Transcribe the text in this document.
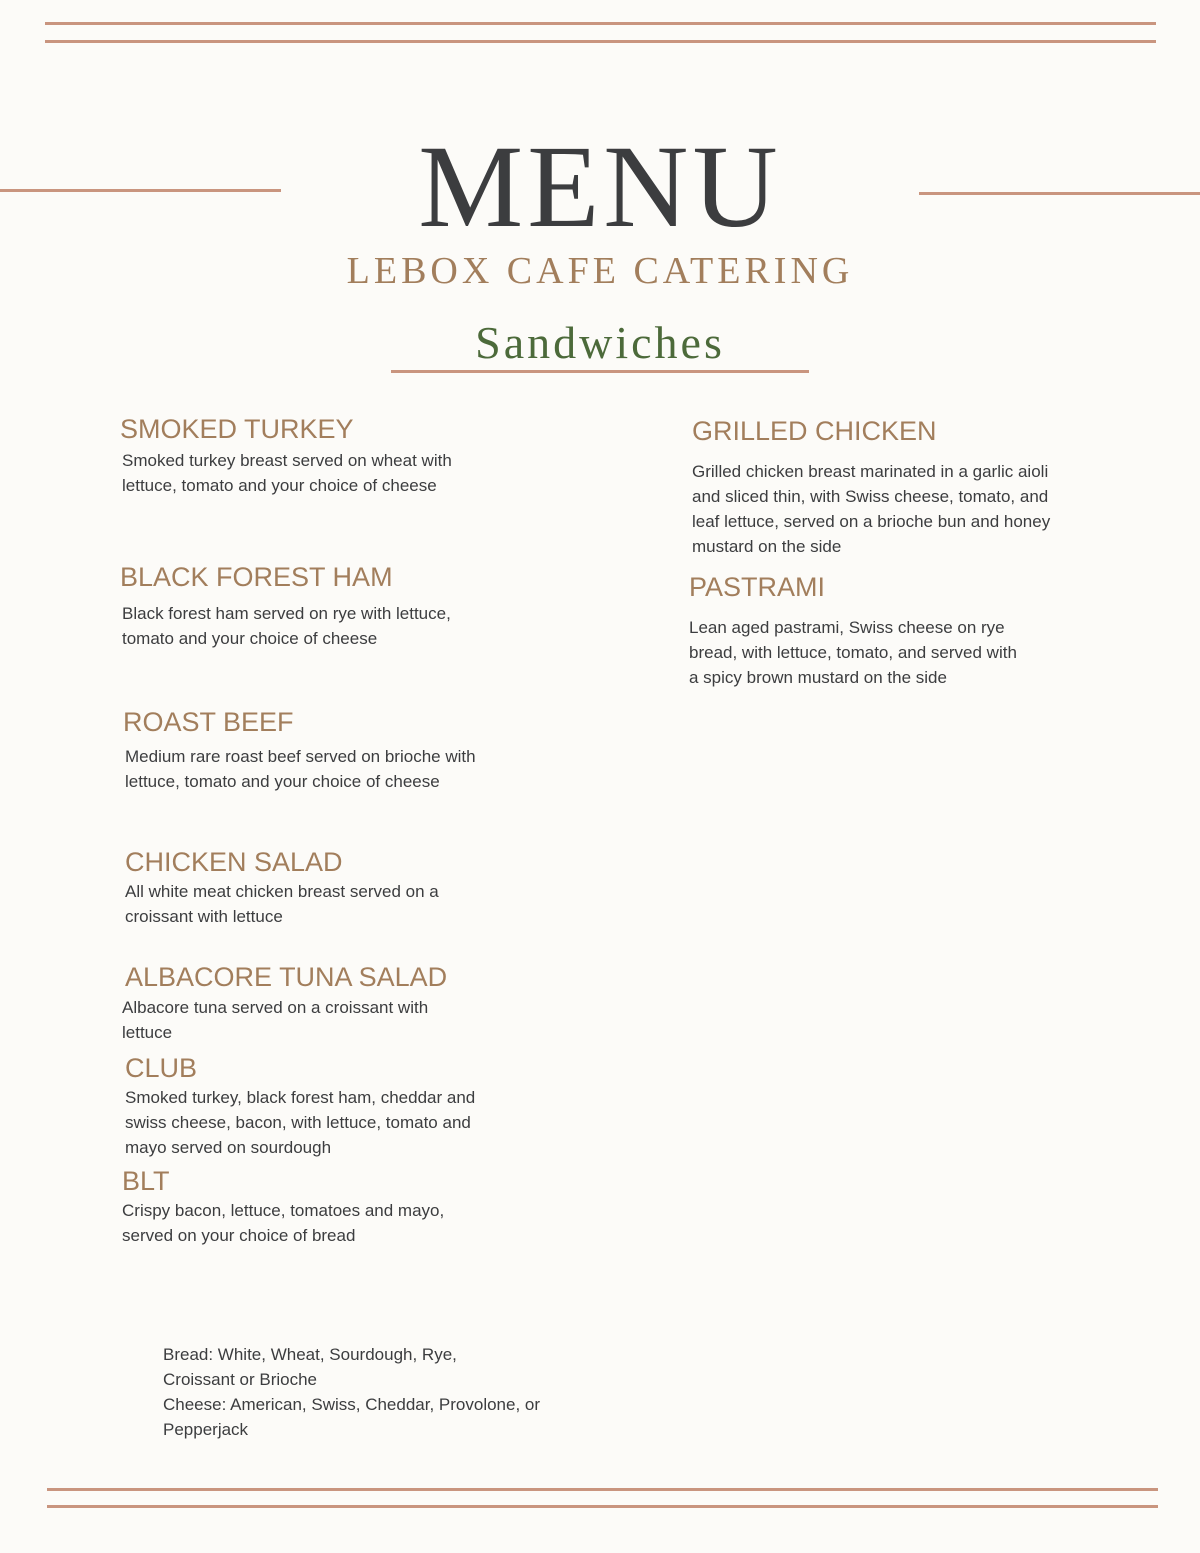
MENU
LEBOX CAFE CATERING
Sandwiches
SMOKED TURKEY

Smoked turkey breast served on wheat with lettuce, tomato and your choice of cheese

BLACK FOREST HAM

Black forest ham served on rye with lettuce, tomato and your choice of cheese

ROAST BEEF

Medium rare roast beef served on brioche with lettuce, tomato and your choice of cheese

CHICKEN SALAD

All white meat chicken breast served on a croissant with lettuce

ALBACORE TUNA SALAD

Albacore tuna served on a croissant with lettuce

CLUB

Smoked turkey, black forest ham, cheddar and swiss cheese, bacon, with lettuce, tomato and mayo served on sourdough

BLT

Crispy bacon, lettuce, tomatoes and mayo, served on your choice of bread

GRILLED CHICKEN

Grilled chicken breast marinated in a garlic aioli and sliced thin, with Swiss cheese, tomato, and leaf lettuce, served on a brioche bun and honey mustard on the side

PASTRAMI

Lean aged pastrami, Swiss cheese on rye bread, with lettuce, tomato, and served with a spicy brown mustard on the side

Bread: White, Wheat, Sourdough, Rye, Croissant or Brioche
Cheese: American, Swiss, Cheddar, Provolone, or Pepperjack
